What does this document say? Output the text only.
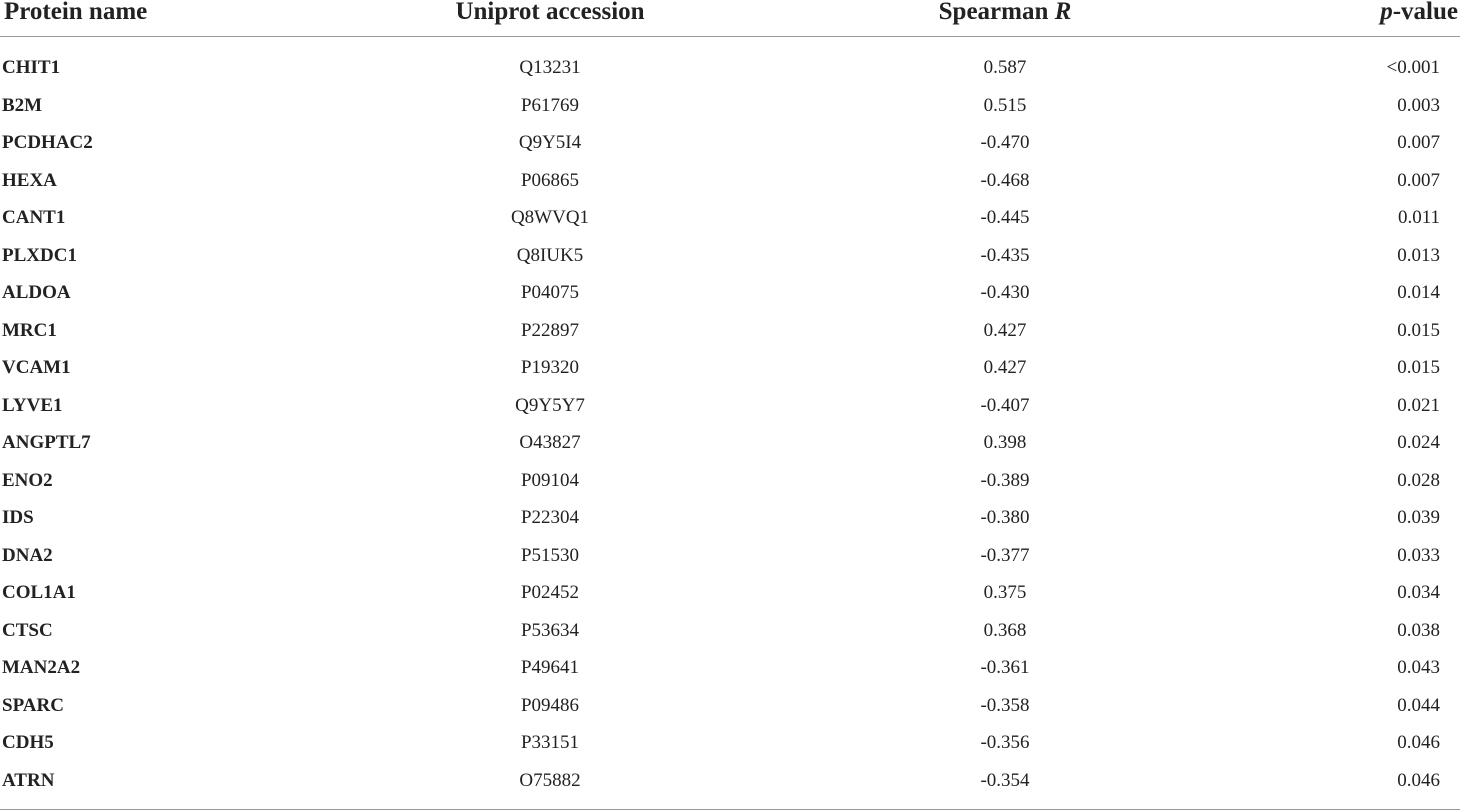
Protein name	Uniprot accession	Spearman R	p-value

CHIT1	Q13231	0.587	<0.001
B2M	P61769	0.515	0.003
PCDHAC2	Q9Y5I4	-0.470	0.007
HEXA	P06865	-0.468	0.007
CANT1	Q8WVQ1	-0.445	0.011
PLXDC1	Q8IUK5	-0.435	0.013
ALDOA	P04075	-0.430	0.014
MRC1	P22897	0.427	0.015
VCAM1	P19320	0.427	0.015
LYVE1	Q9Y5Y7	-0.407	0.021
ANGPTL7	O43827	0.398	0.024
ENO2	P09104	-0.389	0.028
IDS	P22304	-0.380	0.039
DNA2	P51530	-0.377	0.033
COL1A1	P02452	0.375	0.034
CTSC	P53634	0.368	0.038
MAN2A2	P49641	-0.361	0.043
SPARC	P09486	-0.358	0.044
CDH5	P33151	-0.356	0.046
ATRN	O75882	-0.354	0.046
